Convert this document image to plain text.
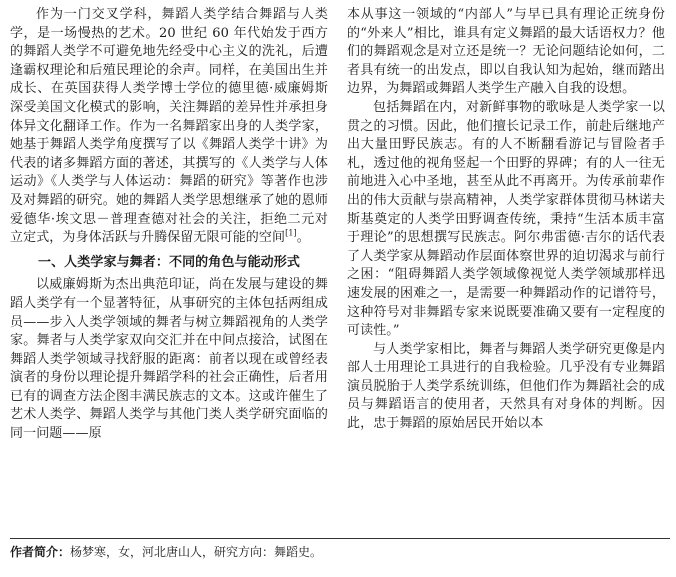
作为一门交叉学科，舞蹈人类学结合舞蹈与人类学，是一场慢热的艺术。20 世纪 60 年代始发于西方的舞蹈人类学不可避免地先经受中心主义的洗礼，后遭逢霸权理论和后殖民理论的余声。同样，在美国出生并成长、在英国获得人类学博士学位的德里德·威廉姆斯深受美国文化模式的影响，关注舞蹈的差异性并承担身体异文化翻译工作。作为一名舞蹈家出身的人类学家，她基于舞蹈人类学角度撰写了以《舞蹈人类学十讲》为代表的诸多舞蹈方面的著述，其撰写的《人类学与人体运动》《人类学与人体运动：舞蹈的研究》等著作也涉及对舞蹈的研究。她的舞蹈人类学思想继承了她的恩师爱德华·埃文思－普理查德对社会的关注，拒绝二元对立定式，为身体活跃与升腾保留无限可能的空间[1]。

一、人类学家与舞者：不同的角色与能动形式

以威廉姆斯为杰出典范印证，尚在发展与建设的舞蹈人类学有一个显著特征，从事研究的主体包括两组成员——步入人类学领域的舞者与树立舞蹈视角的人类学家。舞者与人类学家双向交汇并在中间点接洽，试图在舞蹈人类学领域寻找舒服的距离：前者以现在或曾经表演者的身份以理论提升舞蹈学科的社会正确性，后者用已有的调查方法企图丰满民族志的文本。这或许催生了艺术人类学、舞蹈人类学与其他门类人类学研究面临的同一问题——原

本从事这一领域的“内部人”与早已具有理论正统身份的“外来人”相比，谁具有定义舞蹈的最大话语权力？他们的舞蹈观念是对立还是统一？无论问题结论如何，二者具有统一的出发点，即以自我认知为起始，继而踏出边界，为舞蹈或舞蹈人类学生产融入自我的设想。

包括舞蹈在内，对新鲜事物的歌咏是人类学家一以贯之的习惯。因此，他们擅长记录工作，前赴后继地产出大量田野民族志。有的人不断翻看游记与冒险者手札，透过他的视角竖起一个田野的界碑；有的人一往无前地进入心中圣地，甚至从此不再离开。为传承前辈作出的伟大贡献与崇高精神，人类学家群体贯彻马林诺夫斯基奠定的人类学田野调查传统，秉持“生活本质丰富于理论”的思想撰写民族志。阿尔弗雷德·吉尔的话代表了人类学家从舞蹈动作层面体察世界的迫切渴求与前行之困：“阻碍舞蹈人类学领域像视觉人类学领域那样迅速发展的困难之一，是需要一种舞蹈动作的记谱符号，这种符号对非舞蹈专家来说既要准确又要有一定程度的可读性。”

与人类学家相比，舞者与舞蹈人类学研究更像是内部人士用理论工具进行的自我检验。几乎没有专业舞蹈演员脱胎于人类学系统训练，但他们作为舞蹈社会的成员与舞蹈语言的使用者，天然具有对身体的判断。因此，忠于舞蹈的原始居民开始以本

作者简介：杨梦寒，女，河北唐山人，研究方向：舞蹈史。
